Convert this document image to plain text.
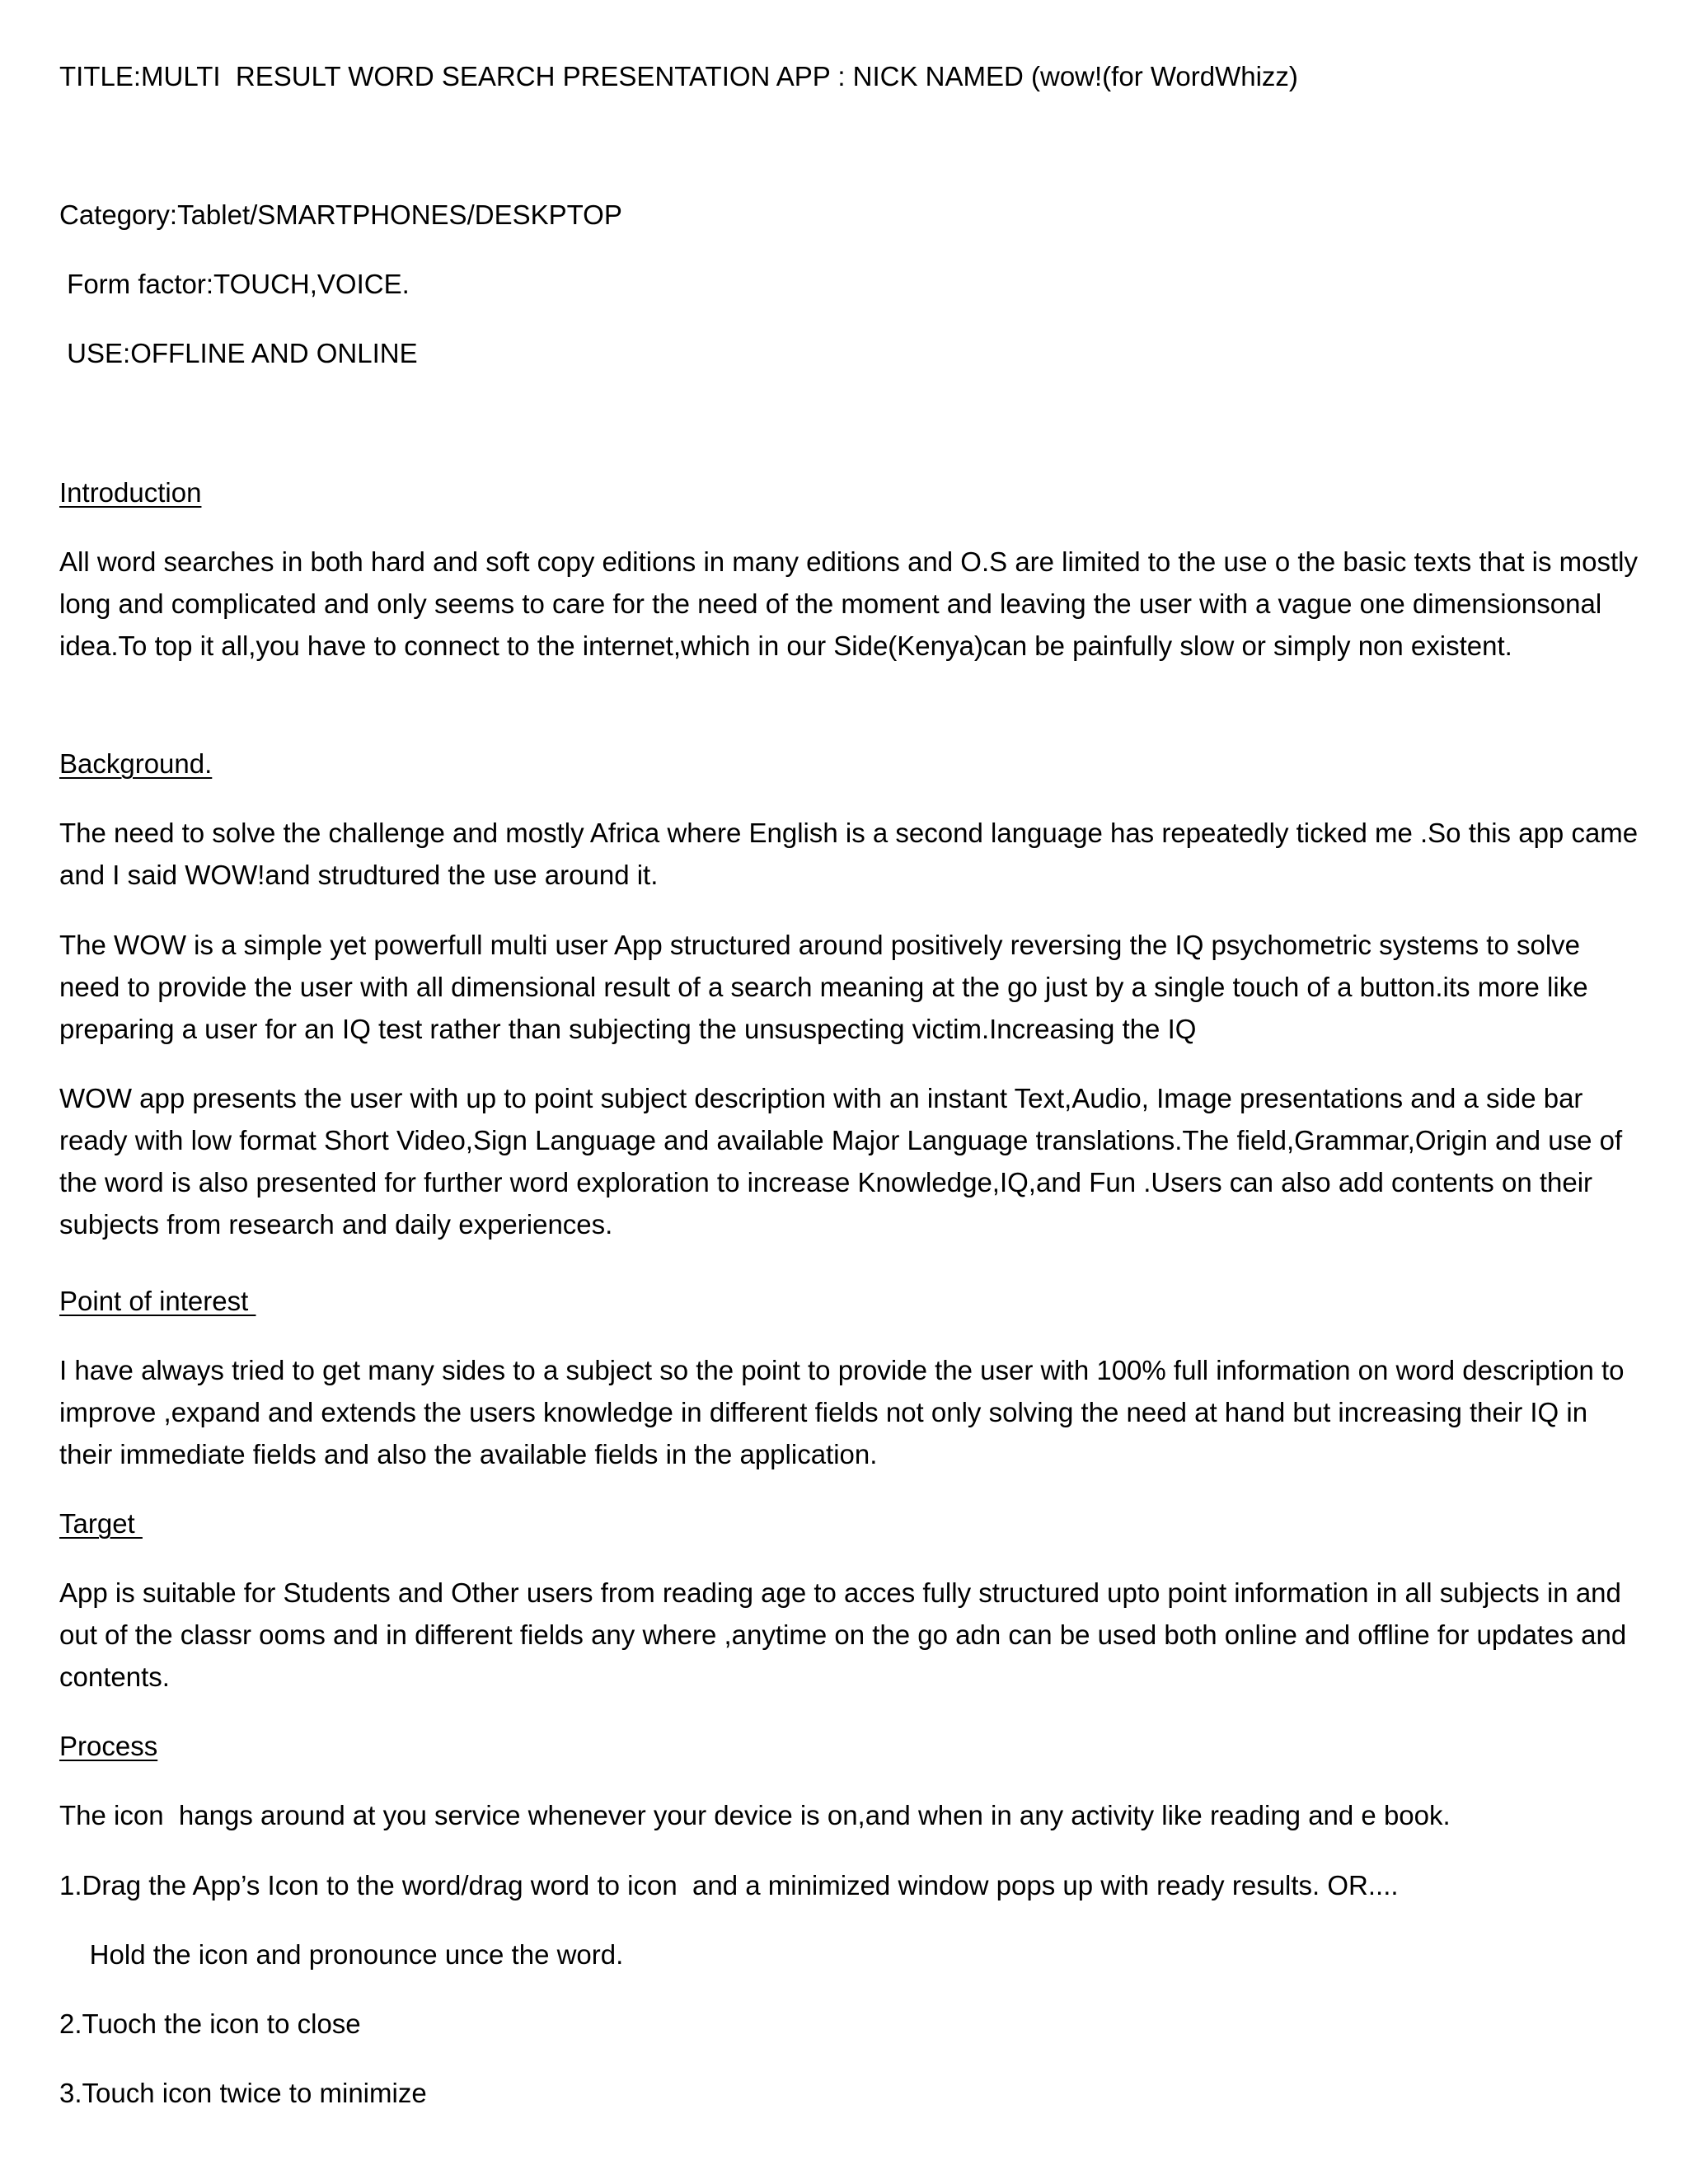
TITLE:MULTI  RESULT WORD SEARCH PRESENTATION APP : NICK NAMED (wow!(for WordWhizz)

Category:Tablet/SMARTPHONES/DESKPTOP

Form factor:TOUCH,VOICE.

USE:OFFLINE AND ONLINE

Introduction

All word searches in both hard and soft copy editions in many editions and O.S are limited to the use o the basic texts that is mostly long and complicated and only seems to care for the need of the moment and leaving the user with a vague one dimensionsonal idea.To top it all,you have to connect to the internet,which in our Side(Kenya)can be painfully slow or simply non existent.

Background.

The need to solve the challenge and mostly Africa where English is a second language has repeatedly ticked me .So this app came and I said WOW!and strudtured the use around it.

The WOW is a simple yet powerfull multi user App structured around positively reversing the IQ psychometric systems to solve need to provide the user with all dimensional result of a search meaning at the go just by a single touch of a button.its more like preparing a user for an IQ test rather than subjecting the unsuspecting victim.Increasing the IQ

WOW app presents the user with up to point subject description with an instant Text,Audio, Image presentations and a side bar ready with low format Short Video,Sign Language and available Major Language translations.The field,Grammar,Origin and use of the word is also presented for further word exploration to increase Knowledge,IQ,and Fun .Users can also add contents on their subjects from research and daily experiences.

Point of interest

I have always tried to get many sides to a subject so the point to provide the user with 100% full information on word description to improve ,expand and extends the users knowledge in different fields not only solving the need at hand but increasing their IQ in their immediate fields and also the available fields in the application.

Target

App is suitable for Students and Other users from reading age to acces fully structured upto point information in all subjects in and out of the classr ooms and in different fields any where ,anytime on the go adn can be used both online and offline for updates and contents.

Process

The icon  hangs around at you service whenever your device is on,and when in any activity like reading and e book.

1.Drag the App’s Icon to the word/drag word to icon  and a minimized window pops up with ready results. OR....

Hold the icon and pronounce unce the word.

2.Tuoch the icon to close

3.Touch icon twice to minimize
